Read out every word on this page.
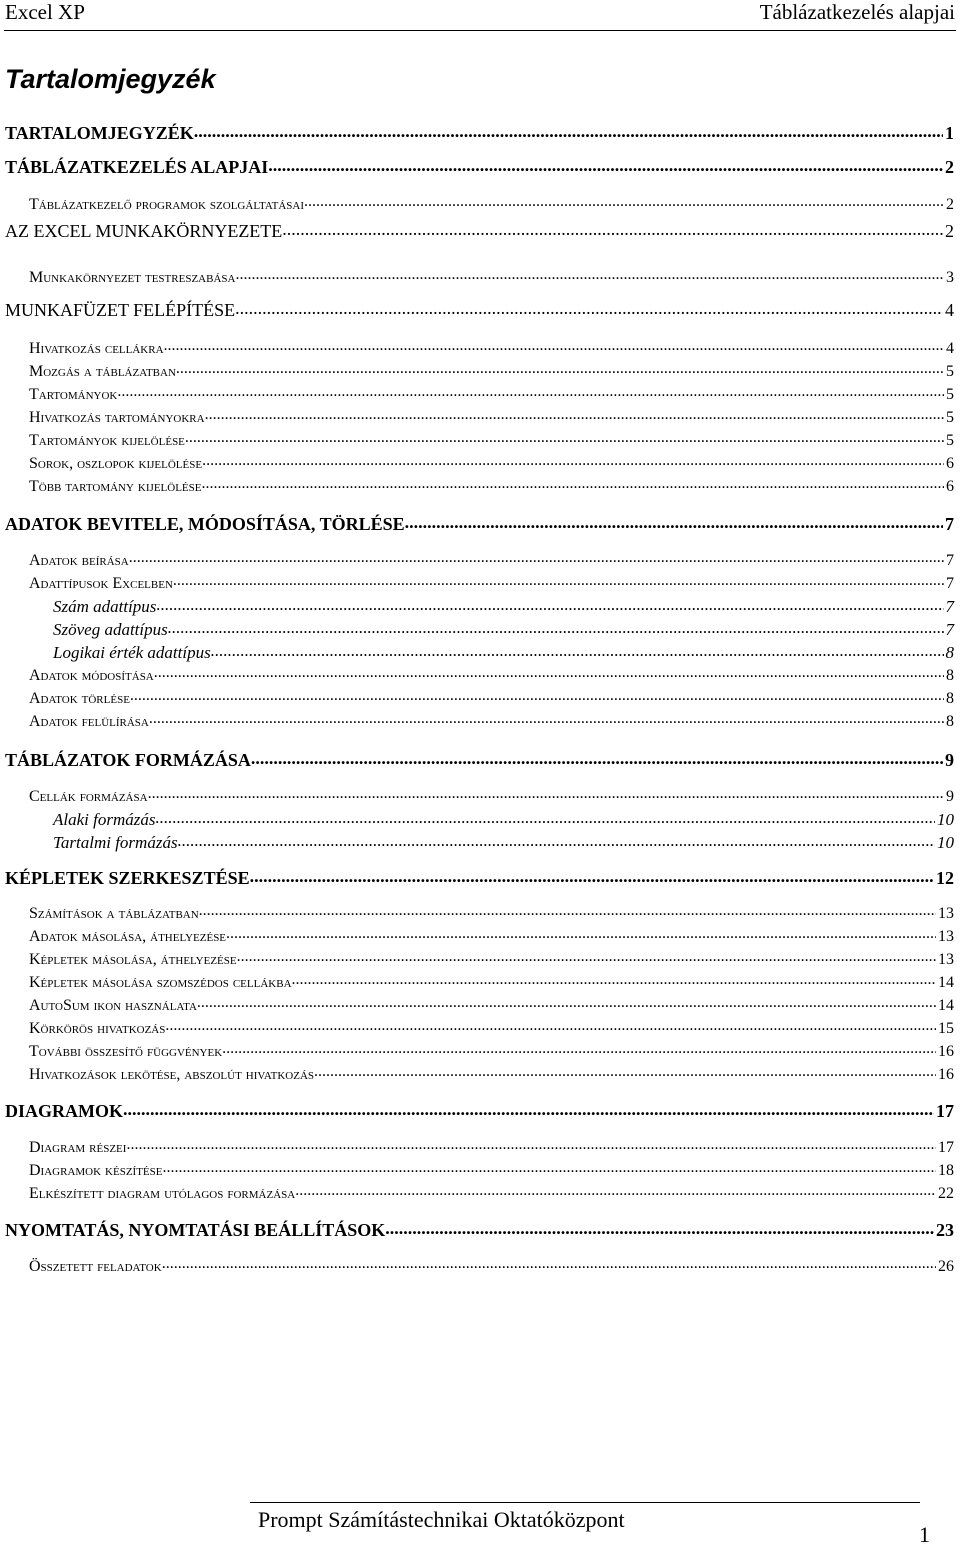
Excel XP	Táblázatkezelés alapjai
Tartalomjegyzék
TARTALOMJEGYZÉK .....	1
TÁBLÁZATKEZELÉS ALAPJAI .....	2
Táblázatkezelő programok szolgáltatásai .....	2
AZ EXCEL MUNKAKÖRNYEZETE .....	2
Munkakörnyezet testreszabása .....	3
MUNKAFÜZET FELÉPÍTÉSE .....	4
Hivatkozás cellákra .....	4
Mozgás a táblázatban .....	5
Tartományok .....	5
Hivatkozás tartományokra .....	5
Tartományok kijelölése .....	5
Sorok, oszlopok kijelölése .....	6
Több tartomány kijelölése .....	6
ADATOK BEVITELE, MÓDOSÍTÁSA, TÖRLÉSE .....	7
Adatok beírása .....	7
Adattípusok Excelben .....	7
Szám adattípus .....	7
Szöveg adattípus .....	7
Logikai érték adattípus .....	8
Adatok módosítása .....	8
Adatok törlése .....	8
Adatok felülírása .....	8
TÁBLÁZATOK FORMÁZÁSA .....	9
Cellák formázása .....	9
Alaki formázás .....	10
Tartalmi formázás .....	10
KÉPLETEK SZERKESZTÉSE .....	12
Számítások a táblázatban .....	13
Adatok másolása, áthelyezése .....	13
Képletek másolása, áthelyezése .....	13
Képletek másolása szomszédos cellákba .....	14
AutoSum ikon használata .....	14
Körkörös hivatkozás .....	15
További összesítő függvények .....	16
Hivatkozások lekötése, abszolút hivatkozás .....	16
DIAGRAMOK .....	17
Diagram részei .....	17
Diagramok készítése .....	18
Elkészített diagram utólagos formázása .....	22
NYOMTATÁS, NYOMTATÁSI BEÁLLÍTÁSOK .....	23
Összetett feladatok .....	26
Prompt Számítástechnikai Oktatóközpont
1
